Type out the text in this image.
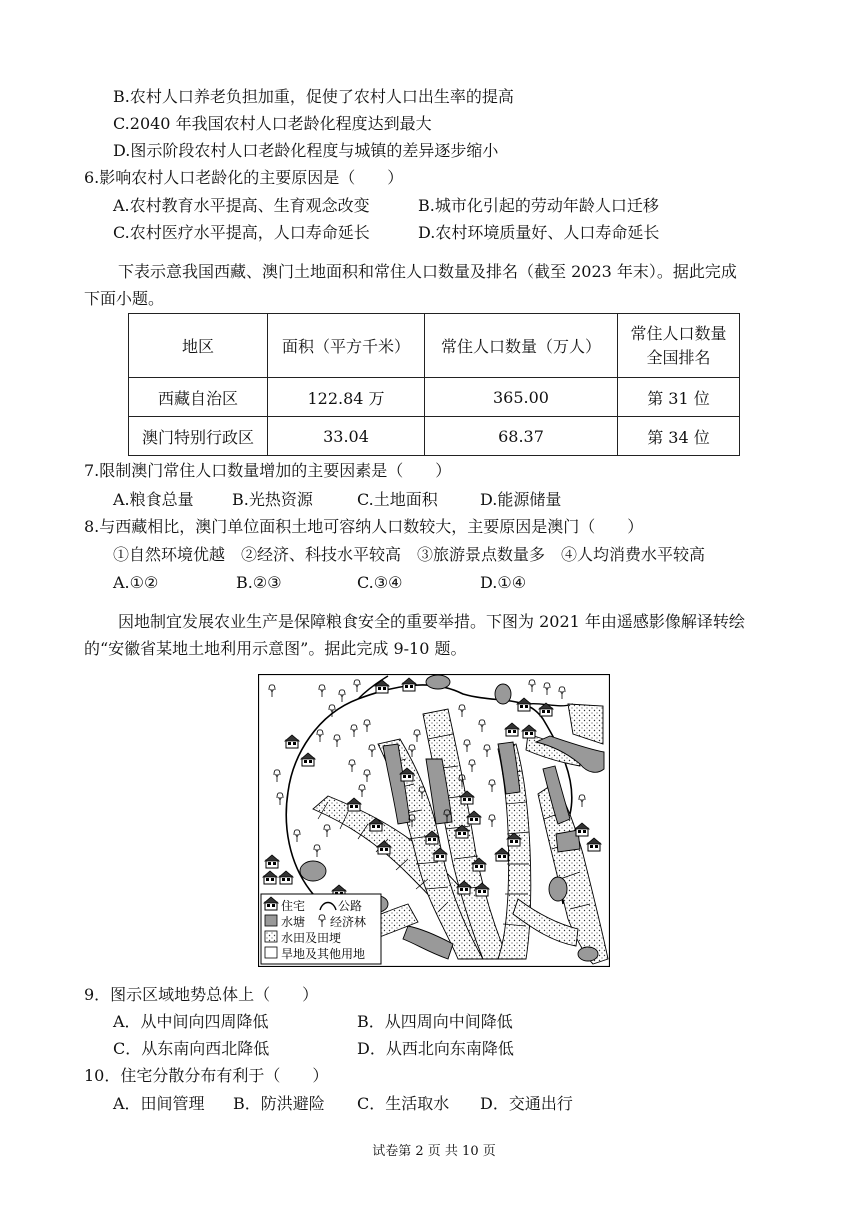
B.农村人口养老负担加重，促使了农村人口出生率的提高
C.2040 年我国农村人口老龄化程度达到最大
D.图示阶段农村人口老龄化程度与城镇的差异逐步缩小
6.影响农村人口老龄化的主要原因是（　　）
A.农村教育水平提高、生育观念改变	B.城市化引起的劳动年龄人口迁移
C.农村医疗水平提高，人口寿命延长	D.农村环境质量好、人口寿命延长
下表示意我国西藏、澳门土地面积和常住人口数量及排名（截至 2023 年末）。据此完成
下面小题。
地区	面积（平方千米）	常住人口数量（万人）	常住人口数量
全国排名

西藏自治区	122.84 万	365.00	第 31 位
澳门特别行政区	33.04	68.37	第 34 位
7.限制澳门常住人口数量增加的主要因素是（　　）
A.粮食总量 B.光热资源	C.土地面积	D.能源储量
8.与西藏相比，澳门单位面积土地可容纳人口数较大，主要原因是澳门（　　）
①自然环境优越　②经济、科技水平较高　③旅游景点数量多　④人均消费水平较高
A.①②	B.②③	C.③④	D.①④
因地制宜发展农业生产是保障粮食安全的重要举措。下图为 2021 年由遥感影像解译转绘
的“安徽省某地土地利用示意图”。据此完成 9-10 题。
住宅	公路
水塘 经济林
水田及田埂
旱地及其他用地
9．图示区域地势总体上（　　）
A．从中间向四周降低	B．从四周向中间降低
C．从东南向西北降低	D．从西北向东南降低
10．住宅分散分布有利于（　　）
A．田间管理 B．防洪避险 C．生活取水 D．交通出行
试卷第 2 页 共 10 页
